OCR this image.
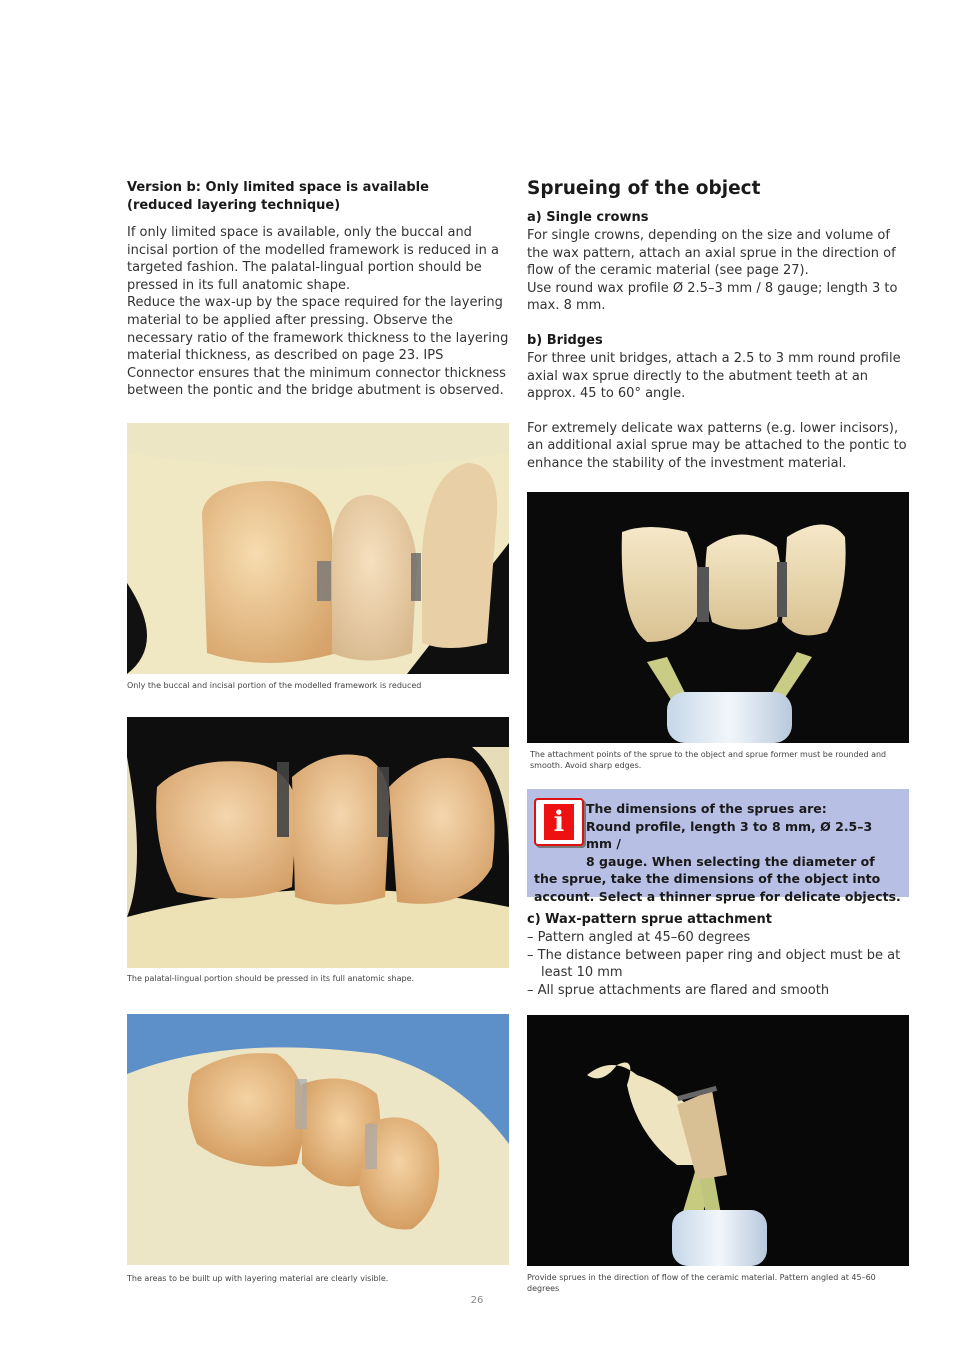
Version b: Only limited space is available

(reduced layering technique)

If only limited space is available, only the buccal and incisal portion of the modelled framework is reduced in a targeted fashion. The palatal-lingual portion should be pressed in its full anatomic shape.

Reduce the wax-up by the space required for the layering material to be applied after pressing. Observe the necessary ratio of the framework thickness to the layering material thickness, as described on page 23. IPS Connector ensures that the minimum connector thickness between the pontic and the bridge abutment is observed.

Only the buccal and incisal portion of the modelled framework is reduced
The palatal-lingual portion should be pressed in its full anatomic shape.
The areas to be built up with layering material are clearly visible.
Sprueing of the object

a) Single crowns

For single crowns, depending on the size and volume of the wax pattern, attach an axial sprue in the direction of flow of the ceramic material (see page 27).

Use round wax profile Ø 2.5–3 mm / 8 gauge; length 3 to max. 8 mm.

b) Bridges

For three unit bridges, attach a 2.5 to 3 mm round profile axial wax sprue directly to the abutment teeth at an approx. 45 to 60° angle.

For extremely delicate wax patterns (e.g. lower incisors), an additional axial sprue may be attached to the pontic to enhance the stability of the investment material.

The attachment points of the sprue to the object and sprue former must be rounded and smooth. Avoid sharp edges.
i	The dimensions of the sprues are:
Round profile, length 3 to 8 mm, Ø 2.5–3 mm /
8 gauge. When selecting the diameter of the sprue, take the dimensions of the object into account. Select a thinner sprue for delicate objects.

c) Wax-pattern sprue attachment

– Pattern angled at 45–60 degrees
– The distance between paper ring and object must be at least 10 mm
– All sprue attachments are flared and smooth
Provide sprues in the direction of flow of the ceramic material. Pattern angled at 45–60 degrees
26
